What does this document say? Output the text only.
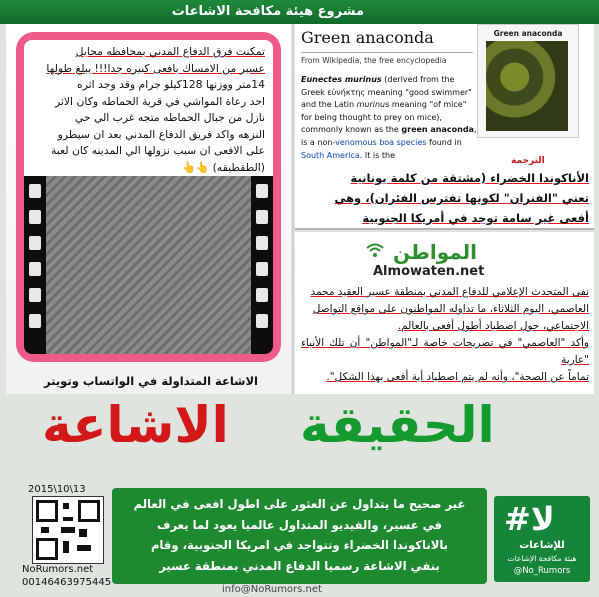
مشروع هيئة مكافحة الاشاعات
تمكنت فرق الدفاع المدني بمحافظه محايل
عسير من الامساك بافعى كبيره جدا!!! يبلغ طولها
14متر ووزنها 128كيلو جرام وقد وجد اثره
احد رعاة المواشي في قرية الحماطه وكان الاثر
نازل من جبال الحماطه متجه غرب الي حي
النزهه واكد فريق الدفاع المدني بعد ان سيطرو
على الافعى ان سبب نزولها الي المدينه كان لعبة
(الطقطيقه) 👆👆
الاشاعة المتداولة في الواتساب وتويتر
Green anaconda
From Wikipedia, the free encyclopedia
Eunectes murinus (derived from the Greek εὐνήκτης meaning "good swimmer" and the Latin murinus meaning "of mice" for being thought to prey on mice), commonly known as the green anaconda, is a non-venomous boa species found in South America. It is the
Green anaconda
الترجمة
الأناكوندا الخضراء (مشتقة من كلمة يونانية
تعني "الفنران" لكونها تفترس الفئران)، وهي
أفعى غير سامة توجد في أمريكا الجنوبية
المواطن
Almowaten.net
نفى المتحدث الإعلامي للدفاع المدني بمنطقة عسير العقيد محمد
العاصمي، اليوم الثلاثاء، ما تداوله المواطنون على مواقع التواصل
الاجتماعي، حول اصطياد أطول أفعى بالعالم.
وأكد "العاصمي" في تصريحات خاصة لـ"المواطن" أن تلك الأنباء "عارية
تماماً عن الصحة"، وأنه لم يتم اصطياد أية أفعى بهذا الشكل".
الحقيقة
الاشاعة
2015\10\13
NoRumors.net
00146463975445
غير صحيح ما يتداول عن العثور على اطول افعى في العالم
في عسير، والفيديو المتداول عالميا يعود لما يعرف
بالاناكوندا الخضراء وتتواجد في امريكا الجنوبية، وقام
بنفي الاشاعة رسميا الدفاع المدني بمنطقة عسير
info@NoRumors.net
#لا
للإشاعات
هيئة مكافحة الإشاعات
@No_Rumors
